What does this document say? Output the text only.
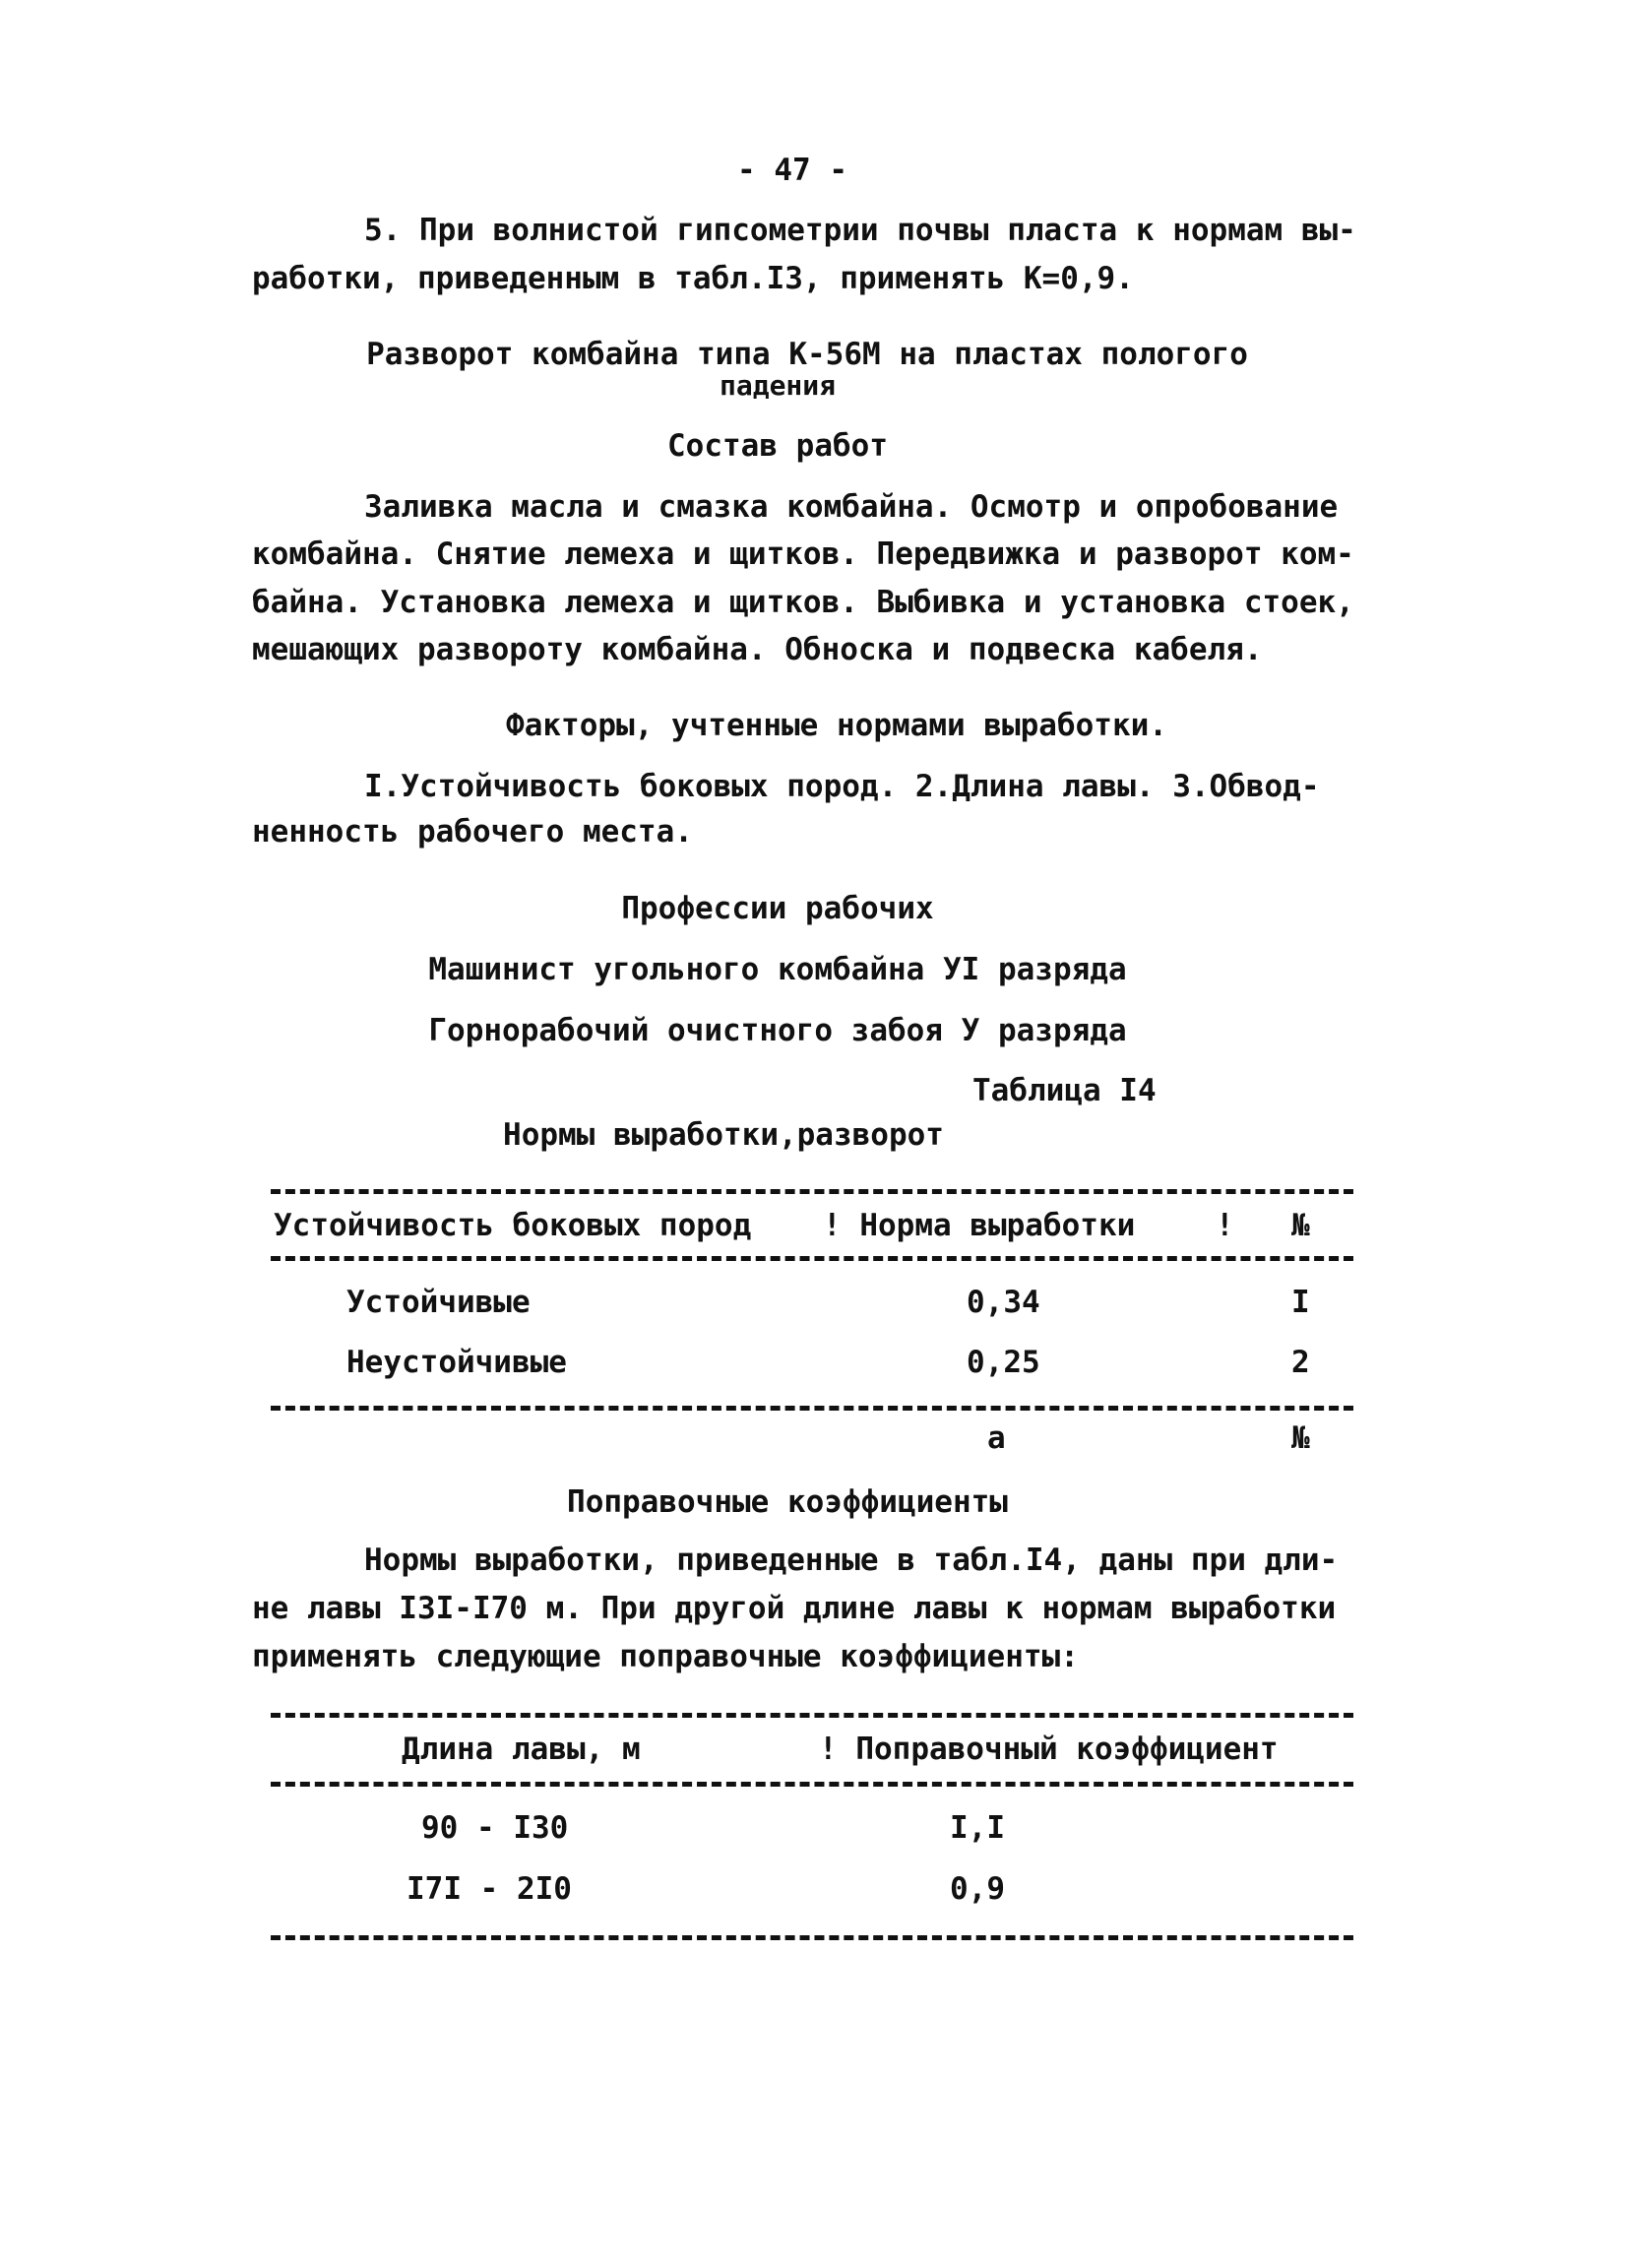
- 47 -
5. При волнистой гипсометрии почвы пласта к нормам вы-
работки, приведенным в табл.I3, применять К=0,9.
Разворот комбайна типа К-56М на пластах пологого
падения
Состав работ
Заливка масла и смазка комбайна. Осмотр и опробование
комбайна. Снятие лемеха и щитков. Передвижка и разворот ком-
байна. Установка лемеха и щитков. Выбивка и установка стоек,
мешающих развороту комбайна. Обноска и подвеска кабеля.
Факторы, учтенные нормами выработки.
I.Устойчивость боковых пород. 2.Длина лавы. 3.Обвод-
ненность рабочего места.
Профессии рабочих
Машинист угольного комбайна УI разряда
Горнорабочий очистного забоя У разряда
Таблица I4
Нормы выработки,разворот
Устойчивость боковых пород ! Норма выработки	! №
Устойчивые	0,34	I
Неустойчивые	0,25	2
а	№
Поправочные коэффициенты
Нормы выработки, приведенные в табл.I4, даны при дли-
не лавы I3I-I70 м. При другой длине лавы к нормам выработки
применять следующие поправочные коэффициенты:
Длина лавы, м	! Поправочный коэффициент
90 - I30	I,I
I7I - 2I0	0,9
